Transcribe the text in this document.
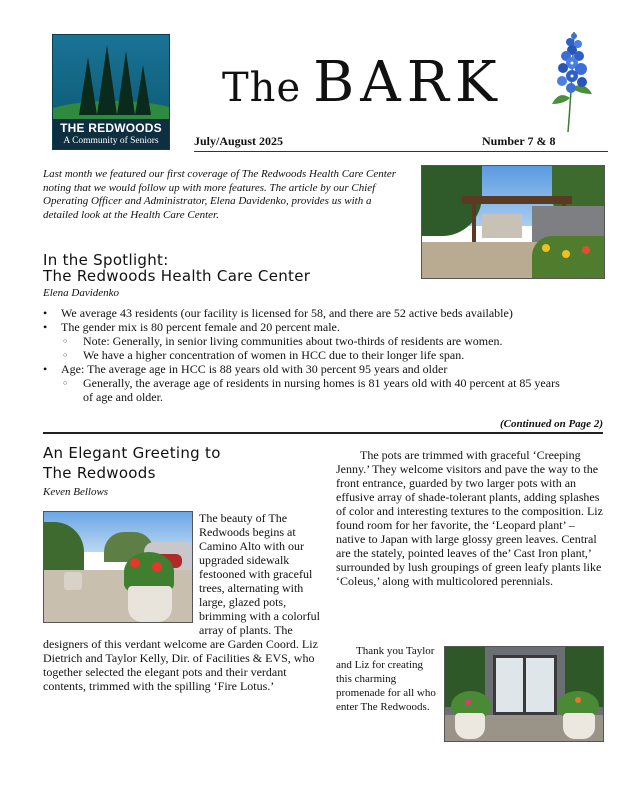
THE REDWOODS
A Community of Seniors
The BARK
July/August 2025	Number 7 & 8
Last month we featured our first coverage of The Redwoods Health Care Center noting that we would follow up with more features. The article by our Chief Operating Officer and Administrator, Elena Davidenko, provides us with a detailed look at the Health Care Center.
In the Spotlight:
The Redwoods Health Care Center
Elena Davidenko
• We average 43 residents (our facility is licensed for 58, and there are 52 active beds available)
• The gender mix is 80 percent female and 20 percent male.
○ Note: Generally, in senior living communities about two-thirds of residents are women.
○ We have a higher concentration of women in HCC due to their longer life span.
• Age: The average age in HCC is 88 years old with 30 percent 95 years and older
○ Generally, the average age of residents in nursing homes is 81 years old with 40 percent at 85 years of age and older.
(Continued on Page 2)
An Elegant Greeting to
The Redwoods
Keven Bellows
The beauty of The Redwoods begins at Camino Alto with our upgraded sidewalk festooned with graceful trees, alternating with large, glazed pots, brimming with a colorful array of plants. The designers of this verdant welcome are Garden Coord. Liz Dietrich and Taylor Kelly, Dir. of Facilities & EVS, who together selected the elegant pots and their verdant contents, trimmed with the spilling ‘Fire Lotus.’
The pots are trimmed with graceful ‘Creeping Jenny.’ They welcome visitors and pave the way to the front entrance, guarded by two larger pots with an effusive array of shade-tolerant plants, adding splashes of color and interesting textures to the composition. Liz found room for her favorite, the ‘Leopard plant’ – native to Japan with large glossy green leaves. Central are the stately, pointed leaves of the’ Cast Iron plant,’ surrounded by lush groupings of green leafy plants like ‘Coleus,’ along with multicolored perennials.
Thank you Taylor and Liz for creating this charming promenade for all who enter The Redwoods.
